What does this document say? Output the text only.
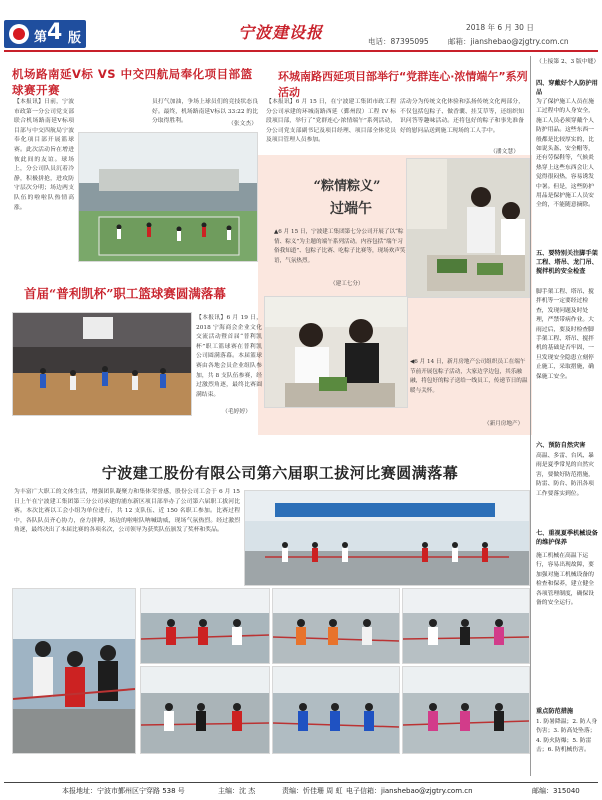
第 4 版	宁波建设报	2018 年 6 月 30 日
电话：87395095	邮箱：jianshebao@zjgtry.com.cn
机场路南延Ⅴ标 VS 中交四航局奉化项目部篮球赛开赛
【本报讯】日前，宁波市政第一分公司党支部联合机场路南延Ⅴ标项目部与中交四航局宁波奉化项目部开展篮球赛。此次活动旨在增进彼此间的友谊。球场上，分公司队员沉着冷静，积极拼抢，进攻防守层次分明；场边两支队伍的啦啦队热情高涨。
员打气加油，争场上球员们的竞技状态良好。最终，机场路南延Ⅴ标以 33:22 的比分取得胜利。	（张文杰）
环城南路西延项目部举行“党群连心·浓情端午”系列活动
【本报讯】6 月 15 日，在宁波建工集团市政工程分公司承建的环城南路西延（鄞州段）工程 IV 标段项目部，举行了“党群连心·浓情端午”系列活动，分公司党支部副书记及项目经理、项目部全体党员及项目管理人员参加。
活动分为传统文化体验和弘扬传统文化两部分，不仅包括包粽子、做香囊、挂艾草等，还组织知识问答等趣味活动。还将包好的粽子和事先准备好的慰问品送到施工现场的工人手中。
（潘文慧）
“粽情粽义”
过端午
▲6 月 15 日，宁波建工集团第七分公司开展了以“粽情、粽义”为主题的端午系列活动。内容包括“端午习俗我知道”、包粽子比赛、吃粽子比赛等，现场欢声笑语，气氛热烈。
（建工七分）
◀6 月 14 日，新月房地产公司组织员工在端午节前开展包粽子活动，大家边学边包，其乐融融，将包好的粽子送给一线员工，传递节日的温暖与关怀。
（新月房地产）
首届“普利凯杯”职工篮球赛圆满落幕
【本报讯】6 月 19 日，2018 宁海商会企业文化交流活动暨首届“普利凯杯”职工篮球赛在普利凯公司圆满落幕。本届篮球赛由各地会员企业组队参加，共 8 支队伍参赛，经过激烈角逐，最终比赛圆满结束。
（毛婷婷）
宁波建工股份有限公司第六届职工拔河比赛圆满落幕
为丰富广大职工的文体生活，增强团队凝聚力和集体荣誉感，股份公司工会于 6 月 15 日上午在宁波建工集团第三分公司承建的浦东新区项目部举办了公司第六届职工拔河比赛。本次比赛以工会小组为单位进行，共 12 支队伍、近 150 名职工参加。比赛过程中，各队队员齐心协力，奋力拼搏，场边的啦啦队呐喊助威，现场气氛热烈。经过激烈角逐，最终决出了本届比赛的各项名次，公司领导为获奖队伍颁发了奖杯和奖品。
（上接第 2、3 版中缝）
四、穿戴好个人防护用品
为了保护施工人员在施工过程中的人身安全，施工人员必须穿戴个人防护用品。这些东西一般都是比较厚实的，比如说头盔、安全帽等，还有劳保鞋等，气候炎热穿上这些东西会让人觉得很闷热，容易诱发中暑。但是，这些防护用品是保护施工人员安全的，不能随意摘除。
五、要特别关注脚手架工程、塔吊、龙门吊、搅拌机的安全检查
脚手架工程、塔吊、搅拌机等一定要经过检查，发现问题及时处理，严禁带病作业。大雨过后，要及时检查脚手架工程、塔吊、搅拌机的基础是否牢固，一旦发现安全隐患立刻停止施工，采取措施，确保施工安全。
六、预防自然灾害
高温、多雷、台风、暴雨是夏季常见的自然灾害，要做好防范措施，防雷、防台、防汛各项工作要落实到位。
七、重视夏季机械设备的维护保养
施工机械在高温下运行，容易出现故障，要加强对施工机械设备的检查和保养，建立健全各项管理制度，确保设备的安全运行。
重点防范措施
1. 防暑降温；2. 防人身伤害；3. 防高处坠落；4. 防火防爆；5. 防雷击；6. 防机械伤害。
本报地址：宁波市鄞州区宁穿路 538 号	主编：沈 杰	责编：忻佳珊 周 虹 电子信箱：jianshebao@zjgtry.com.cn	邮编：315040
